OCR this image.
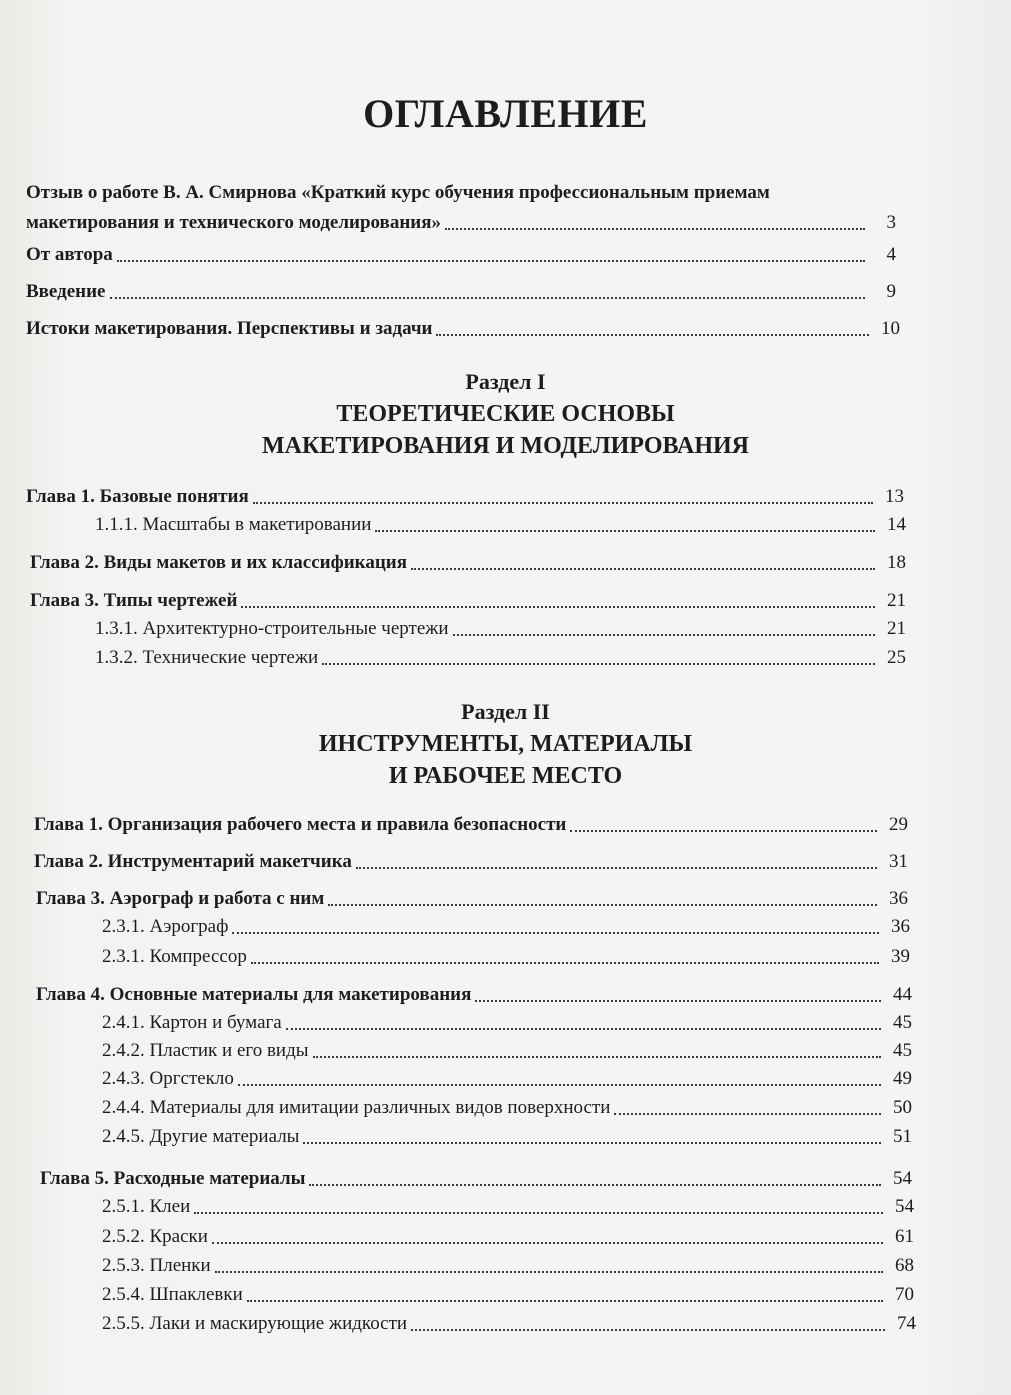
ОГЛАВЛЕНИЕ
Отзыв о работе В. А. Смирнова «Краткий курс обучения профессиональным приемам
макетирования и технического моделирования»	3
От автора	4
Введение	9
Истоки макетирования. Перспективы и задачи	10
Раздел I
ТЕОРЕТИЧЕСКИЕ ОСНОВЫ
МАКЕТИРОВАНИЯ И МОДЕЛИРОВАНИЯ
Глава 1. Базовые понятия	13
1.1.1. Масштабы в макетировании	14
Глава 2. Виды макетов и их классификация	18
Глава 3. Типы чертежей	21
1.3.1. Архитектурно-строительные чертежи	21
1.3.2. Технические чертежи	25
Раздел II
ИНСТРУМЕНТЫ, МАТЕРИАЛЫ
И РАБОЧЕЕ МЕСТО
Глава 1. Организация рабочего места и правила безопасности	29
Глава 2. Инструментарий макетчика	31
Глава 3. Аэрограф и работа с ним	36
2.3.1. Аэрограф	36
2.3.1. Компрессор	39
Глава 4. Основные материалы для макетирования	44
2.4.1. Картон и бумага	45
2.4.2. Пластик и его виды	45
2.4.3. Оргстекло	49
2.4.4. Материалы для имитации различных видов поверхности	50
2.4.5. Другие материалы	51
Глава 5. Расходные материалы	54
2.5.1. Клеи	54
2.5.2. Краски	61
2.5.3. Пленки	68
2.5.4. Шпаклевки	70
2.5.5. Лаки и маскирующие жидкости	74
